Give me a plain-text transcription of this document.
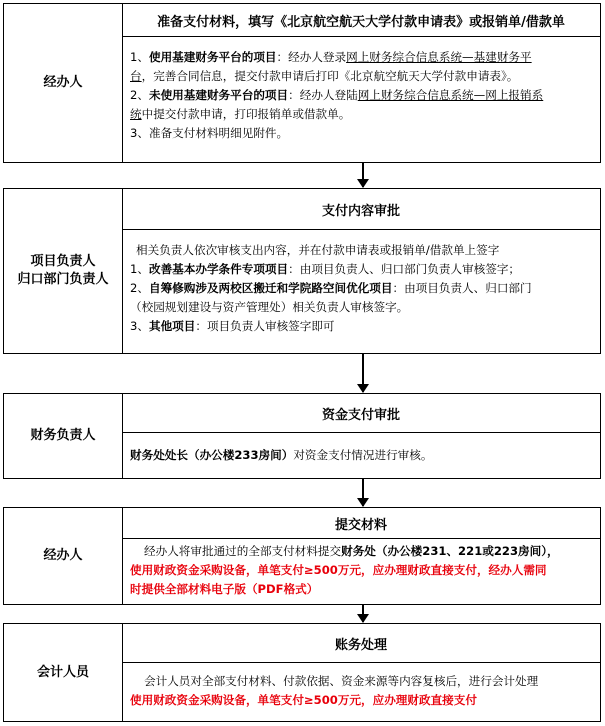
经办人
准备支付材料，填写《北京航空航天大学付款申请表》或报销单/借款单
1、使用基建财务平台的项目：经办人登录网上财务综合信息系统—基建财务平
台，完善合同信息，提交付款申请后打印《北京航空航天大学付款申请表》。
2、未使用基建财务平台的项目：经办人登陆网上财务综合信息系统—网上报销系
统中提交付款申请，打印报销单或借款单。
3、准备支付材料明细见附件。
项目负责人
归口部门负责人
支付内容审批
相关负责人依次审核支出内容，并在付款申请表或报销单/借款单上签字
1、改善基本办学条件专项项目：由项目负责人、归口部门负责人审核签字；
2、自筹修购涉及两校区搬迁和学院路空间优化项目：由项目负责人、归口部门
（校园规划建设与资产管理处）相关负责人审核签字。
3、其他项目：项目负责人审核签字即可
财务负责人
资金支付审批
财务处处长（办公楼233房间）对资金支付情况进行审核。
经办人
提交材料
经办人将审批通过的全部支付材料提交财务处（办公楼231、221或223房间），
使用财政资金采购设备，单笔支付≥500万元，应办理财政直接支付，经办人需同
时提供全部材料电子版（PDF格式）
会计人员
账务处理
会计人员对全部支付材料、付款依据、资金来源等内容复核后，进行会计处理
使用财政资金采购设备，单笔支付≥500万元，应办理财政直接支付
